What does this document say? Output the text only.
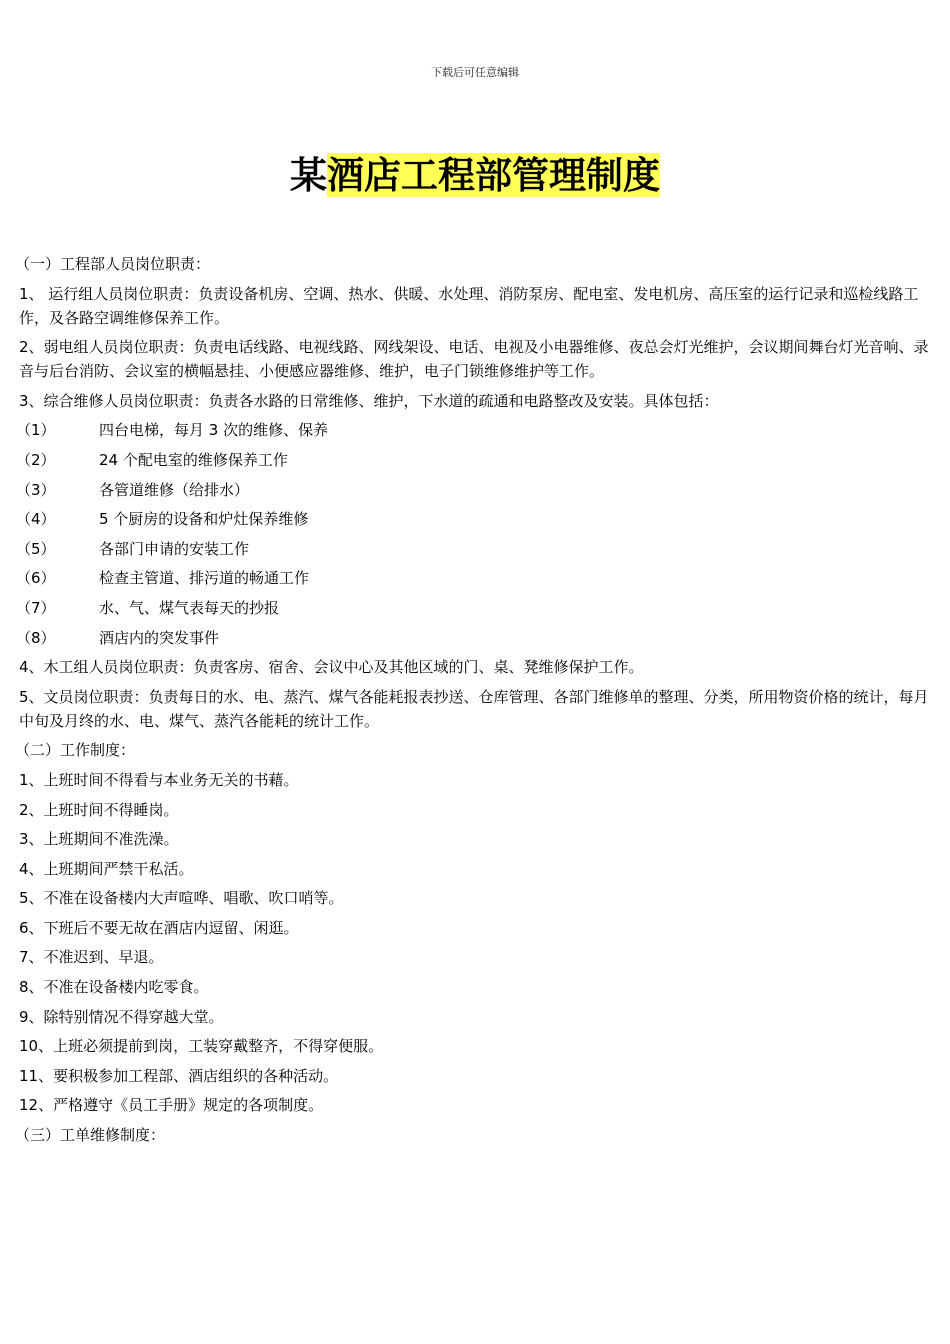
下载后可任意编辑
某酒店工程部管理制度
（一）工程部人员岗位职责：
1、 运行组人员岗位职责：负责设备机房、空调、热水、供暖、水处理、消防泵房、配电室、发电机房、高压室的运行记录和巡检线路工作，及各路空调维修保养工作。
2、弱电组人员岗位职责：负责电话线路、电视线路、网线架设、电话、电视及小电器维修、夜总会灯光维护，会议期间舞台灯光音响、录音与后台消防、会议室的横幅悬挂、小便感应器维修、维护，电子门锁维修维护等工作。
3、综合维修人员岗位职责：负责各水路的日常维修、维护，下水道的疏通和电路整改及安装。具体包括：
（1）	四台电梯，每月 3 次的维修、保养
（2）	24 个配电室的维修保养工作
（3）	各管道维修（给排水）
（4）	5 个厨房的设备和炉灶保养维修
（5）	各部门申请的安装工作
（6）	检查主管道、排污道的畅通工作
（7）	水、气、煤气表每天的抄报
（8）	酒店内的突发事件
4、木工组人员岗位职责：负责客房、宿舍、会议中心及其他区域的门、桌、凳维修保护工作。
5、文员岗位职责：负责每日的水、电、蒸汽、煤气各能耗报表抄送、仓库管理、各部门维修单的整理、分类，所用物资价格的统计，每月中旬及月终的水、电、煤气、蒸汽各能耗的统计工作。
（二）工作制度：
1、上班时间不得看与本业务无关的书藉。
2、上班时间不得睡岗。
3、上班期间不准洗澡。
4、上班期间严禁干私活。
5、不准在设备楼内大声喧哗、唱歌、吹口哨等。
6、下班后不要无故在酒店内逗留、闲逛。
7、不准迟到、早退。
8、不准在设备楼内吃零食。
9、除特别情况不得穿越大堂。
10、上班必须提前到岗，工装穿戴整齐，不得穿便服。
11、要积极参加工程部、酒店组织的各种活动。
12、严格遵守《员工手册》规定的各项制度。
（三）工单维修制度：
